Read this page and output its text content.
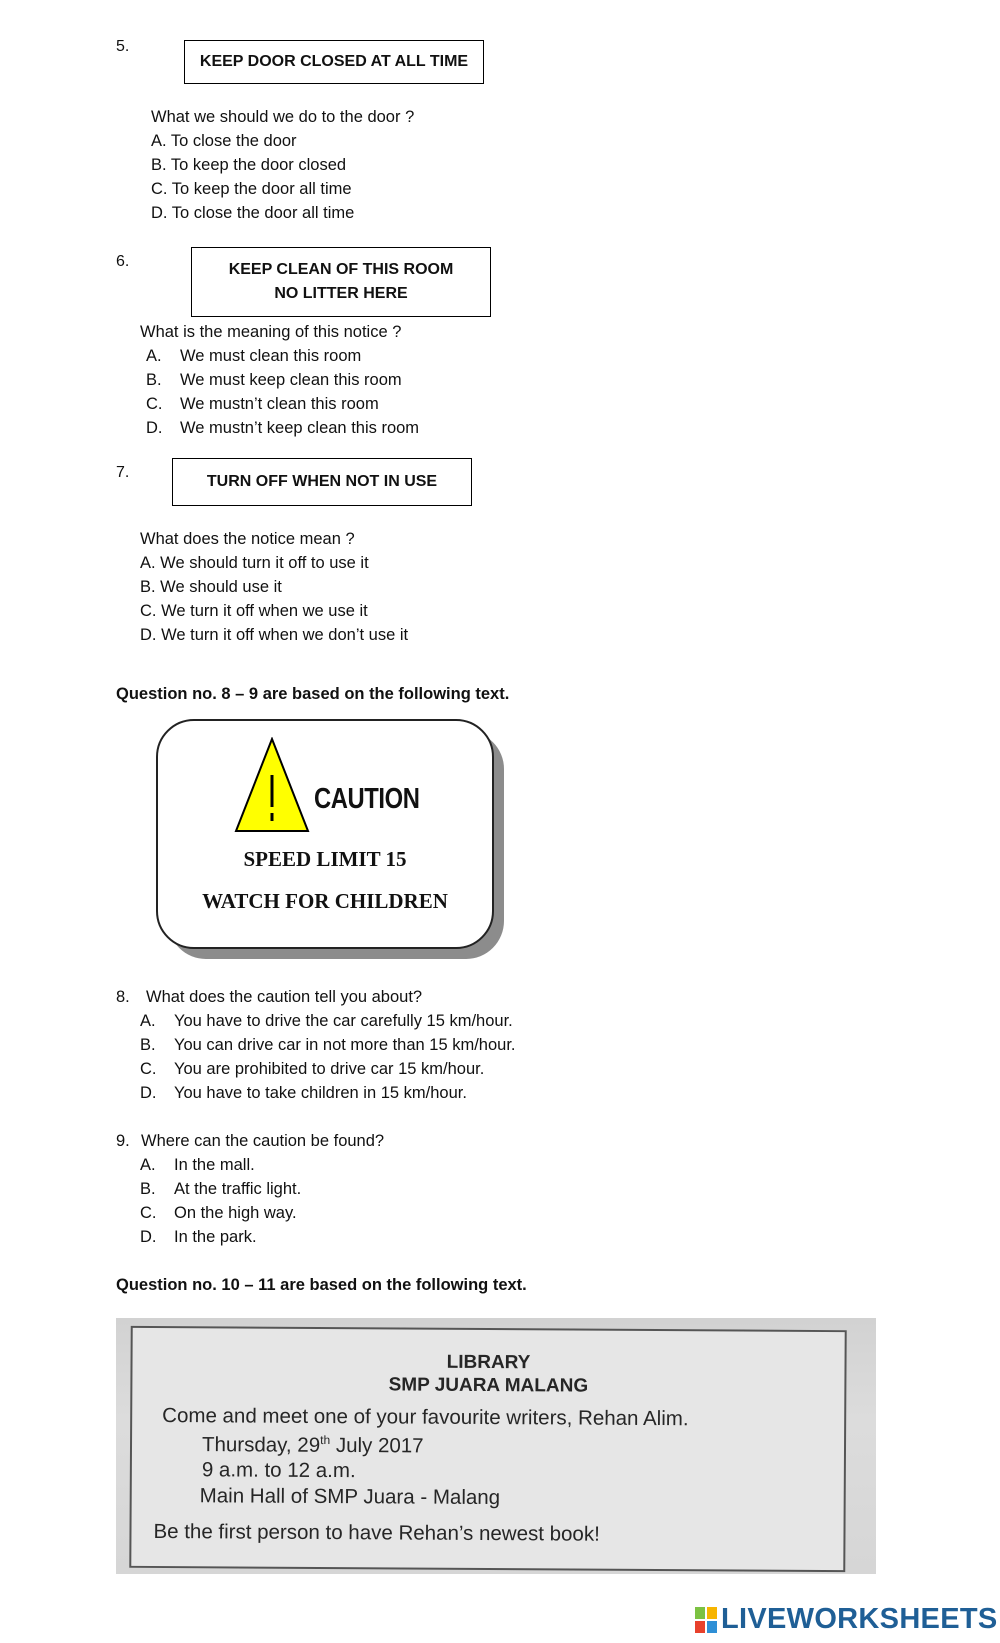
5.
KEEP DOOR CLOSED AT ALL TIME
What we should we do to the door ?
A. To close the door
B. To keep the door closed
C. To keep the door all time
D. To close the door all time
6.	KEEP CLEAN OF THIS ROOM
NO LITTER HERE
What is the meaning of this notice ?
A. We must clean this room
B. We must keep clean this room
C. We mustn’t clean this room
D. We mustn’t keep clean this room
7.
TURN OFF WHEN NOT IN USE
What does the notice mean ?
A. We should turn it off to use it
B. We should use it
C. We turn it off when we use it
D. We turn it off when we don’t use it
Question no. 8 – 9 are based on the following text.
CAUTION
SPEED LIMIT 15
WATCH FOR CHILDREN
8. What does the caution tell you about?
A. You have to drive the car carefully 15 km/hour.
B. You can drive car in not more than 15 km/hour.
C. You are prohibited to drive car 15 km/hour.
D. You have to take children in 15 km/hour.
9. Where can the caution be found?
A. In the mall.
B. At the traffic light.
C. On the high way.
D. In the park.
Question no. 10 – 11 are based on the following text.
LIBRARY
SMP JUARA MALANG
Come and meet one of your favourite writers, Rehan Alim.
Thursday, 29th July 2017
9 a.m. to 12 a.m.
Main Hall of SMP Juara - Malang
Be the first person to have Rehan’s newest book!
LIVEWORKSHEETS
